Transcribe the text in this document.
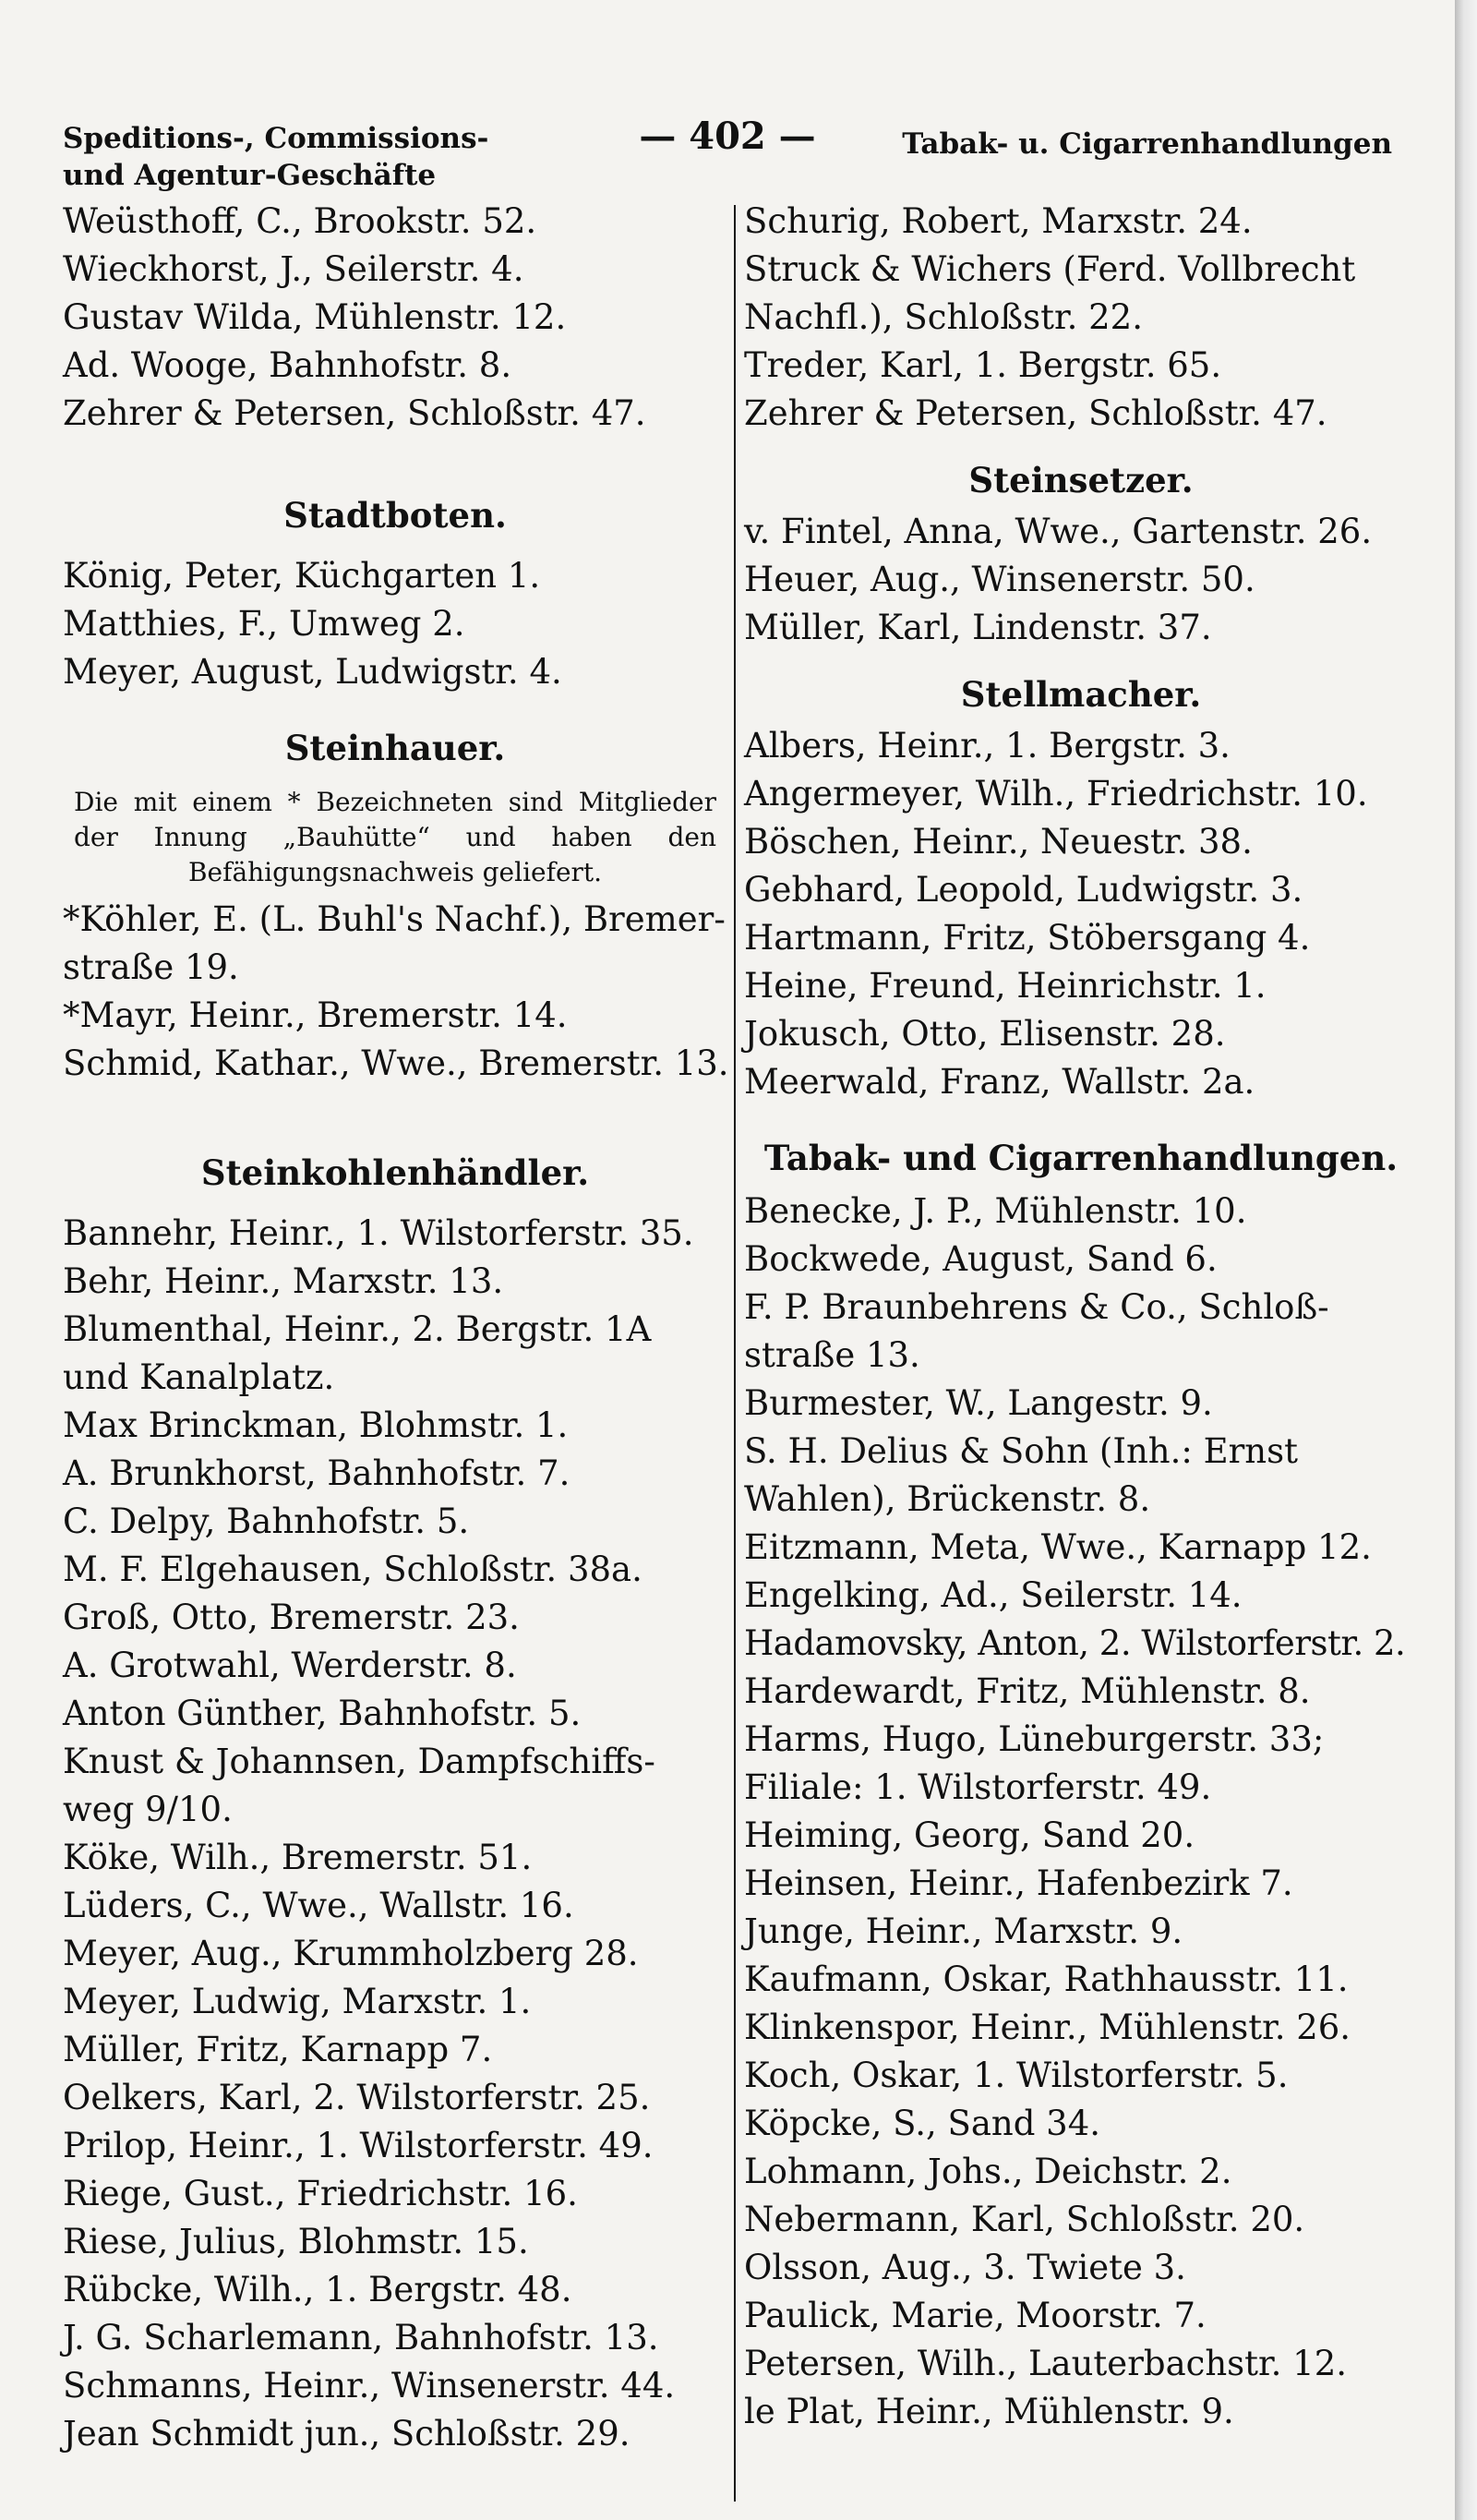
Speditions-, Commissions-
und Agentur-Geschäfte
— 402 —	Tabak- u. Cigarrenhandlungen
Weüsthoff, C., Brookstr. 52.
Wieckhorst, J., Seilerstr. 4.
Gustav Wilda, Mühlenstr. 12.
Ad. Wooge, Bahnhofstr. 8.
Zehrer & Petersen, Schloßstr. 47.
Stadtboten.
König, Peter, Küchgarten 1.
Matthies, F., Umweg 2.
Meyer, August, Ludwigstr. 4.
Steinhauer.
Die mit einem * Bezeichneten sind Mitglieder der Innung „Bauhütte“ und haben den Befähigungsnachweis geliefert.
*Köhler, E. (L. Buhl's Nachf.), Bremer-
straße 19.
*Mayr, Heinr., Bremerstr. 14.
Schmid, Kathar., Wwe., Bremerstr. 13.
Steinkohlenhändler.
Bannehr, Heinr., 1. Wilstorferstr. 35.
Behr, Heinr., Marxstr. 13.
Blumenthal, Heinr., 2. Bergstr. 1A
und Kanalplatz.
Max Brinckman, Blohmstr. 1.
A. Brunkhorst, Bahnhofstr. 7.
C. Delpy, Bahnhofstr. 5.
M. F. Elgehausen, Schloßstr. 38a.
Groß, Otto, Bremerstr. 23.
A. Grotwahl, Werderstr. 8.
Anton Günther, Bahnhofstr. 5.
Knust & Johannsen, Dampfschiffs-
weg 9/10.
Köke, Wilh., Bremerstr. 51.
Lüders, C., Wwe., Wallstr. 16.
Meyer, Aug., Krummholzberg 28.
Meyer, Ludwig, Marxstr. 1.
Müller, Fritz, Karnapp 7.
Oelkers, Karl, 2. Wilstorferstr. 25.
Prilop, Heinr., 1. Wilstorferstr. 49.
Riege, Gust., Friedrichstr. 16.
Riese, Julius, Blohmstr. 15.
Rübcke, Wilh., 1. Bergstr. 48.
J. G. Scharlemann, Bahnhofstr. 13.
Schmanns, Heinr., Winsenerstr. 44.
Jean Schmidt jun., Schloßstr. 29.
Schurig, Robert, Marxstr. 24.
Struck & Wichers (Ferd. Vollbrecht
Nachfl.), Schloßstr. 22.
Treder, Karl, 1. Bergstr. 65.
Zehrer & Petersen, Schloßstr. 47.
Steinsetzer.
v. Fintel, Anna, Wwe., Gartenstr. 26.
Heuer, Aug., Winsenerstr. 50.
Müller, Karl, Lindenstr. 37.
Stellmacher.
Albers, Heinr., 1. Bergstr. 3.
Angermeyer, Wilh., Friedrichstr. 10.
Böschen, Heinr., Neuestr. 38.
Gebhard, Leopold, Ludwigstr. 3.
Hartmann, Fritz, Stöbersgang 4.
Heine, Freund, Heinrichstr. 1.
Jokusch, Otto, Elisenstr. 28.
Meerwald, Franz, Wallstr. 2a.
Tabak- und Cigarrenhandlungen.
Benecke, J. P., Mühlenstr. 10.
Bockwede, August, Sand 6.
F. P. Braunbehrens & Co., Schloß-
straße 13.
Burmester, W., Langestr. 9.
S. H. Delius & Sohn (Inh.: Ernst
Wahlen), Brückenstr. 8.
Eitzmann, Meta, Wwe., Karnapp 12.
Engelking, Ad., Seilerstr. 14.
Hadamovsky, Anton, 2. Wilstorferstr. 2.
Hardewardt, Fritz, Mühlenstr. 8.
Harms, Hugo, Lüneburgerstr. 33;
Filiale: 1. Wilstorferstr. 49.
Heiming, Georg, Sand 20.
Heinsen, Heinr., Hafenbezirk 7.
Junge, Heinr., Marxstr. 9.
Kaufmann, Oskar, Rathhausstr. 11.
Klinkenspor, Heinr., Mühlenstr. 26.
Koch, Oskar, 1. Wilstorferstr. 5.
Köpcke, S., Sand 34.
Lohmann, Johs., Deichstr. 2.
Nebermann, Karl, Schloßstr. 20.
Olsson, Aug., 3. Twiete 3.
Paulick, Marie, Moorstr. 7.
Petersen, Wilh., Lauterbachstr. 12.
le Plat, Heinr., Mühlenstr. 9.
